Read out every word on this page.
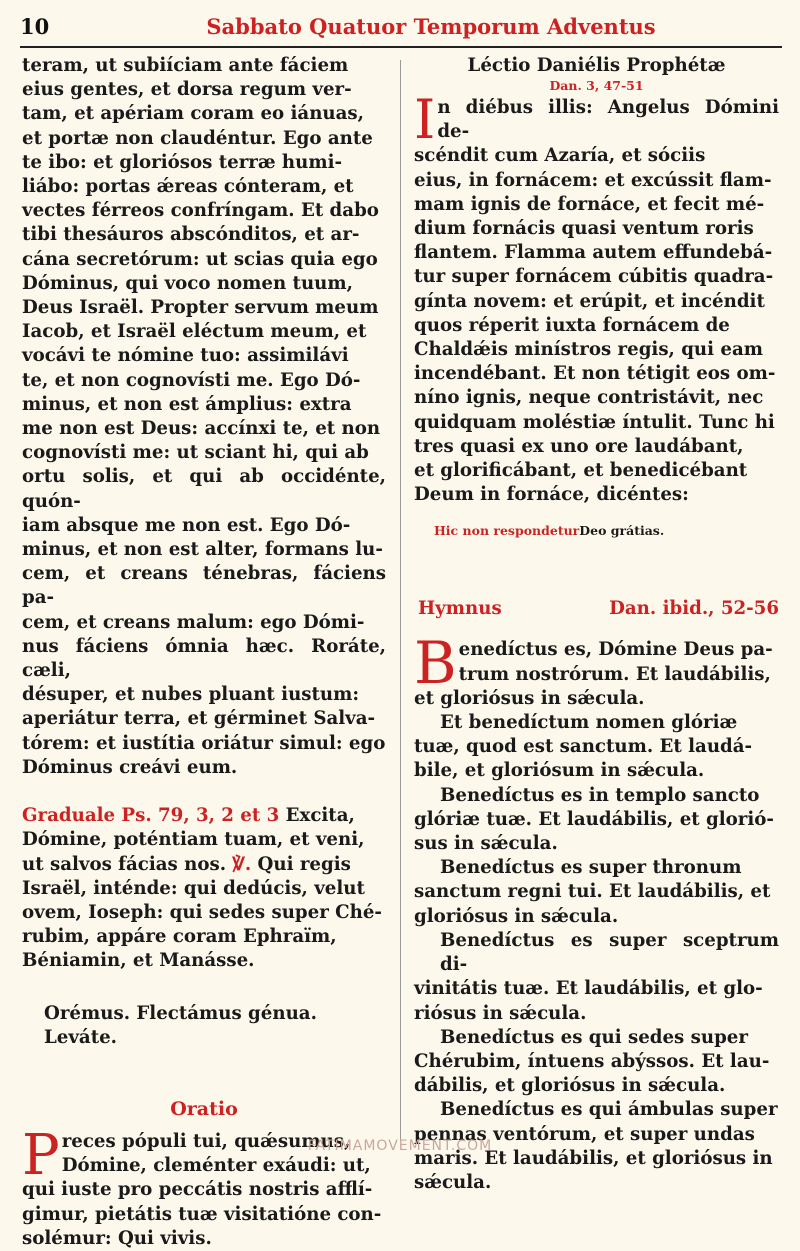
10	Sabbato Quatuor Temporum Adventus
teram, ut subiíciam ante fáciem
eius gentes, et dorsa regum ver-
tam, et apériam coram eo iánuas,
et portæ non claudéntur. Ego ante
te ibo: et gloriósos terræ humi-
liábo: portas ǽreas cónteram, et
vectes férreos confríngam. Et dabo
tibi thesáuros abscónditos, et ar-
cána secretórum: ut scias quia ego
Dóminus, qui voco nomen tuum,
Deus Israël. Propter servum meum
Iacob, et Israël eléctum meum, et
vocávi te nómine tuo: assimilávi
te, et non cognovísti me. Ego Dó-
minus, et non est ámplius: extra
me non est Deus: accínxi te, et non
cognovísti me: ut sciant hi, qui ab
ortu solis, et qui ab occidénte, quón-
iam absque me non est. Ego Dó-
minus, et non est alter, formans lu-
cem, et creans ténebras, fáciens pa-
cem, et creans malum: ego Dómi-
nus fáciens ómnia hæc. Roráte, cæli,
désuper, et nubes pluant iustum:
aperiátur terra, et gérminet Salva-
tórem: et iustítia oriátur simul: ego
Dóminus creávi eum.
Graduale Ps. 79, 3, 2 et 3 Excita,
Dómine, poténtiam tuam, et veni,
ut salvos fácias nos. ℣. Qui regis
Israël, inténde: qui dedúcis, velut
ovem, Ioseph: qui sedes super Ché-
rubim, appáre coram Ephraïm,
Béniamin, et Manásse.
Orémus. Flectámus génua.
Leváte.
Oratio
P reces pópuli tui, quǽsumus,
Dómine, cleménter exáudi: ut,
qui iuste pro peccátis nostris afflí-
gimur, pietátis tuæ visitatióne con-
solémur: Qui vivis.

Léctio Daniélis Prophétæ

Dan. 3, 47-51

I n diébus illis: Angelus Dómini de-
scéndit cum Azaría, et sóciis
eius, in fornácem: et excússit flam-
mam ignis de fornáce, et fecit mé-
dium fornácis quasi ventum roris
flantem. Flamma autem effundebá-
tur super fornácem cúbitis quadra-
gínta novem: et erúpit, et incéndit
quos réperit iuxta fornácem de
Chaldǽis minístros regis, qui eam
incendébant. Et non tétigit eos om-
níno ignis, neque contristávit, nec
quidquam moléstiæ íntulit. Tunc hi
tres quasi ex uno ore laudábant,
et glorificábant, et benedicébant
Deum in fornáce, dicéntes:
Hic non respondeturDeo grátias.
Hymnus	Dan. ibid., 52-56
B enedíctus es, Dómine Deus pa-
trum nostrórum. Et laudábilis,
et gloriósus in sǽcula.
Et benedíctum nomen glóriæ
tuæ, quod est sanctum. Et laudá-
bile, et gloriósum in sǽcula.
Benedíctus es in templo sancto
glóriæ tuæ. Et laudábilis, et glorió-
sus in sǽcula.
Benedíctus es super thronum
sanctum regni tui. Et laudábilis, et
gloriósus in sǽcula.
Benedíctus es super sceptrum di-
vinitátis tuæ. Et laudábilis, et glo-
riósus in sǽcula.
Benedíctus es qui sedes super
Chérubim, íntuens abýssos. Et lau-
dábilis, et gloriósus in sǽcula.
Benedíctus es qui ámbulas super
pennas ventórum, et super undas
maris. Et laudábilis, et gloriósus in
sǽcula.
FATIMAMOVEMENT.COM
